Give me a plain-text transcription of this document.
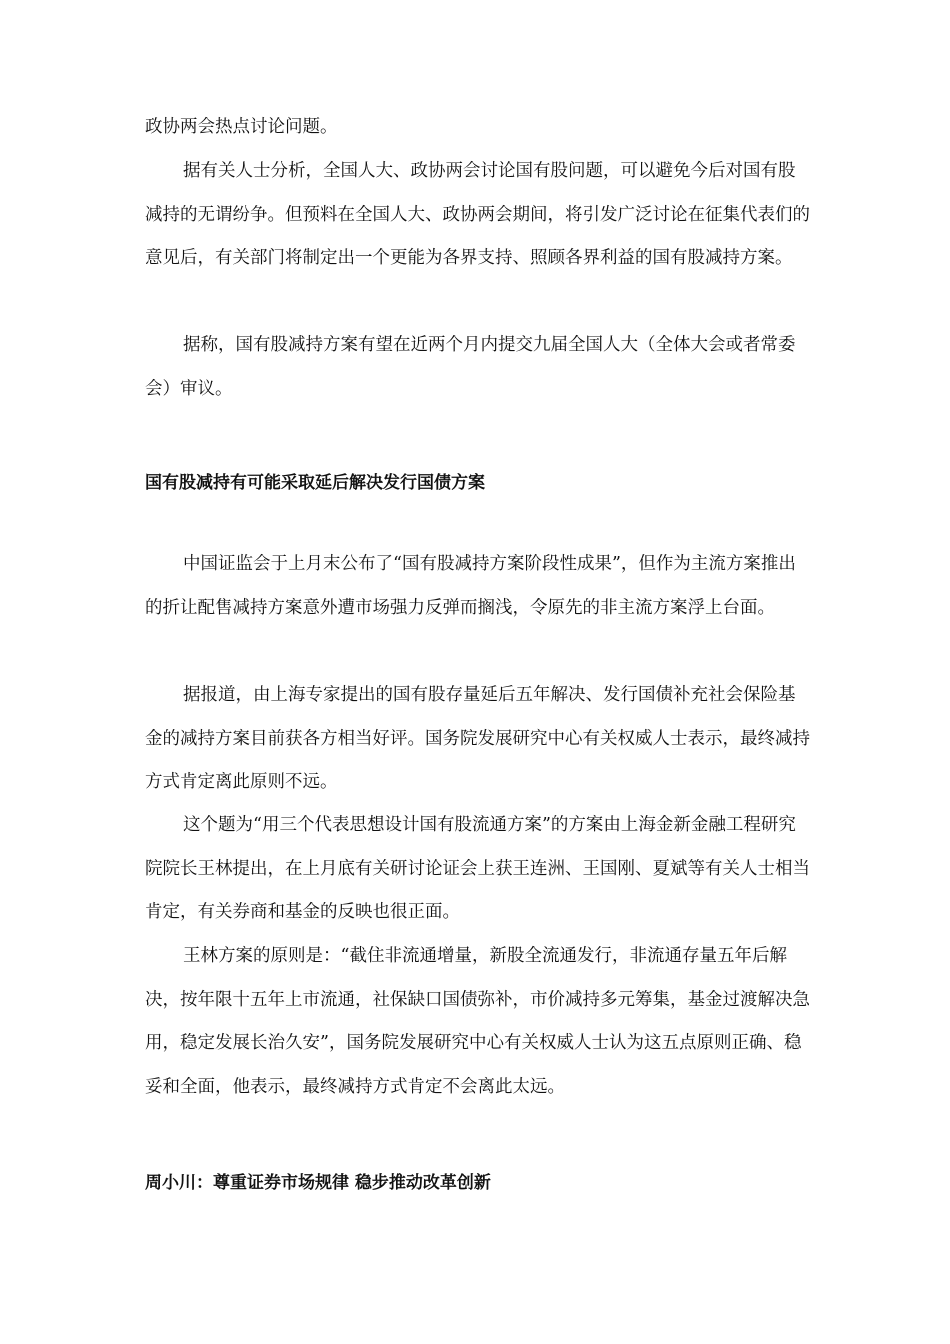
政协两会热点讨论问题。

据有关人士分析，全国人大、政协两会讨论国有股问题，可以避免今后对国有股减持的无谓纷争。但预料在全国人大、政协两会期间，将引发广泛讨论在征集代表们的意见后，有关部门将制定出一个更能为各界支持、照顾各界利益的国有股减持方案。

据称，国有股减持方案有望在近两个月内提交九届全国人大（全体大会或者常委会）审议。

国有股减持有可能采取延后解决发行国债方案

中国证监会于上月末公布了“国有股减持方案阶段性成果”，但作为主流方案推出的折让配售减持方案意外遭市场强力反弹而搁浅，令原先的非主流方案浮上台面。

据报道，由上海专家提出的国有股存量延后五年解决、发行国债补充社会保险基金的减持方案目前获各方相当好评。国务院发展研究中心有关权威人士表示，最终减持方式肯定离此原则不远。

这个题为“用三个代表思想设计国有股流通方案”的方案由上海金新金融工程研究院院长王林提出，在上月底有关研讨论证会上获王连洲、王国刚、夏斌等有关人士相当肯定，有关券商和基金的反映也很正面。

王林方案的原则是：“截住非流通增量，新股全流通发行，非流通存量五年后解决，按年限十五年上市流通，社保缺口国债弥补，市价减持多元筹集，基金过渡解决急用，稳定发展长治久安”，国务院发展研究中心有关权威人士认为这五点原则正确、稳妥和全面，他表示，最终减持方式肯定不会离此太远。

周小川：尊重证券市场规律 稳步推动改革创新
